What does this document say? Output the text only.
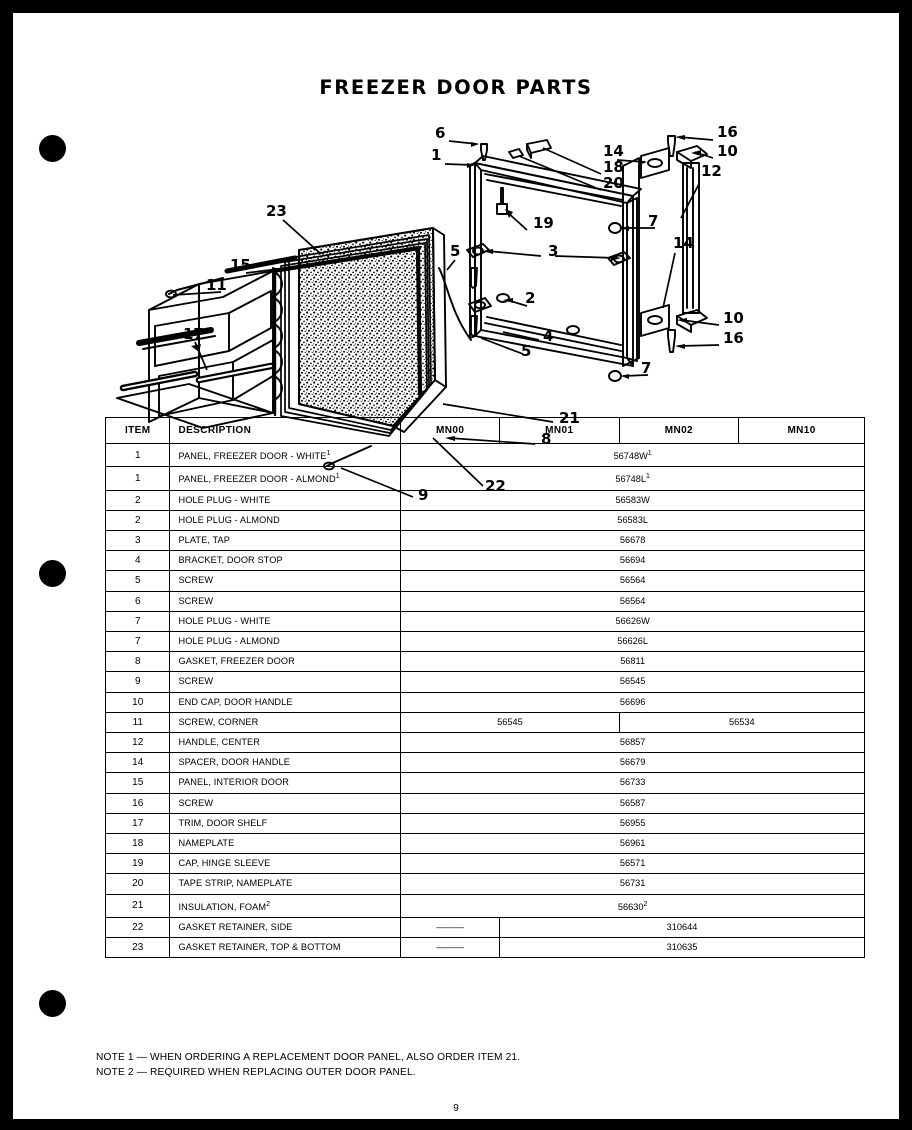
FREEZER DOOR PARTS
6
1
16
10
12
14
18
20
23
7
19
15
5	3	14
11
2
10
4	16
5
17
7
21
8
22
9
ITEM	DESCRIPTION	MN00	MN01	MN02	MN10
1	PANEL, FREEZER DOOR - WHITE$^1$	$56748W^1$
1	PANEL, FREEZER DOOR - ALMOND$^1$	$56748L^1$
2	HOLE PLUG - WHITE	56583W			
2	HOLE PLUG - ALMOND	56583L			
3	PLATE, TAP	56678			
4	BRACKET, DOOR STOP	56694			
5	SCREW	56564			
6	SCREW	56564			
7	HOLE PLUG - WHITE	56626W			
7	HOLE PLUG - ALMOND	56626L			
8	GASKET, FREEZER DOOR	56811			
9	SCREW	56545			
10	END CAP, DOOR HANDLE	56696			
11	SCREW, CORNER	56545		56534	
12	HANDLE, CENTER	56857			
14	SPACER, DOOR HANDLE	56679			
15	PANEL, INTERIOR DOOR	56733			
16	SCREW	56587			
17	TRIM, DOOR SHELF	56955			
18	NAMEPLATE	56961			
19	CAP, HINGE SLEEVE	56571			
20	TAPE STRIP, NAMEPLATE	56731			
21	INSULATION, FOAM$^2$	56630$^2$
22	GASKET RETAINER, SIDE	———	310644		
23	GASKET RETAINER, TOP & BOTTOM	———	310635		
NOTE 1 — WHEN ORDERING A REPLACEMENT DOOR PANEL, ALSO ORDER ITEM 21.
NOTE 2 — REQUIRED WHEN REPLACING OUTER DOOR PANEL.
9
